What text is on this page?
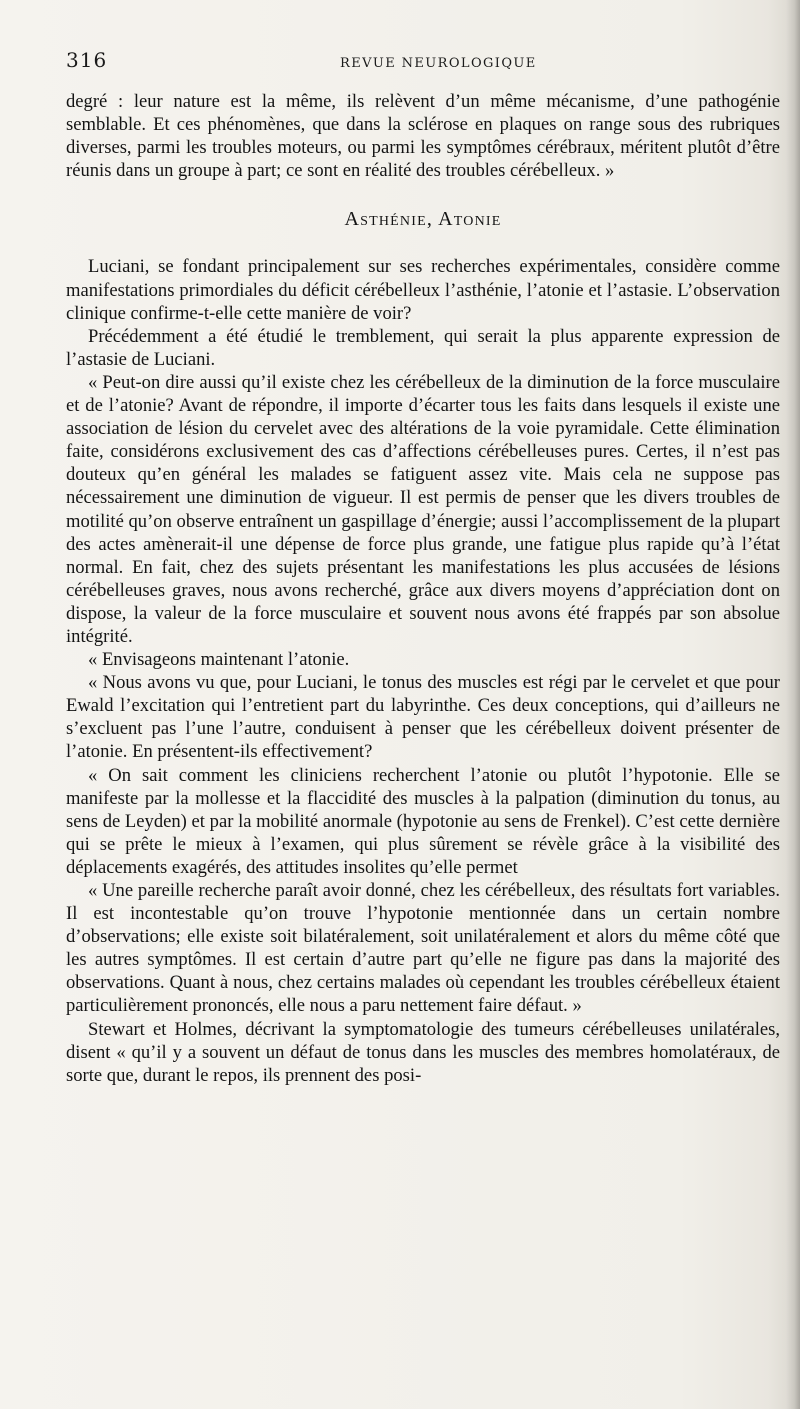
316	REVUE NEUROLOGIQUE

degré : leur nature est la même, ils relèvent d’un même mécanisme, d’une pathogénie semblable. Et ces phénomènes, que dans la sclérose en plaques on range sous des rubriques diverses, parmi les troubles moteurs, ou parmi les symptômes cérébraux, méritent plutôt d’être réunis dans un groupe à part; ce sont en réalité des troubles cérébelleux. »

Asthénie, Atonie

Luciani, se fondant principalement sur ses recherches expérimentales, considère comme manifestations primordiales du déficit cérébelleux l’asthénie, l’atonie et l’astasie. L’observation clinique confirme-t-elle cette manière de voir?

Précédemment a été étudié le tremblement, qui serait la plus apparente expression de l’astasie de Luciani.

« Peut-on dire aussi qu’il existe chez les cérébelleux de la diminution de la force musculaire et de l’atonie? Avant de répondre, il importe d’écarter tous les faits dans lesquels il existe une association de lésion du cervelet avec des altérations de la voie pyramidale. Cette élimination faite, considérons exclusivement des cas d’affections cérébelleuses pures. Certes, il n’est pas douteux qu’en général les malades se fatiguent assez vite. Mais cela ne suppose pas nécessairement une diminution de vigueur. Il est permis de penser que les divers troubles de motilité qu’on observe entraînent un gaspillage d’énergie; aussi l’accomplissement de la plupart des actes amènerait-il une dépense de force plus grande, une fatigue plus rapide qu’à l’état normal. En fait, chez des sujets présentant les manifestations les plus accusées de lésions cérébelleuses graves, nous avons recherché, grâce aux divers moyens d’appréciation dont on dispose, la valeur de la force musculaire et souvent nous avons été frappés par son absolue intégrité.

« Envisageons maintenant l’atonie.

« Nous avons vu que, pour Luciani, le tonus des muscles est régi par le cervelet et que pour Ewald l’excitation qui l’entretient part du labyrinthe. Ces deux conceptions, qui d’ailleurs ne s’excluent pas l’une l’autre, conduisent à penser que les cérébelleux doivent présenter de l’atonie. En présentent-ils effectivement?

« On sait comment les cliniciens recherchent l’atonie ou plutôt l’hypotonie. Elle se manifeste par la mollesse et la flaccidité des muscles à la palpation (diminution du tonus, au sens de Leyden) et par la mobilité anormale (hypotonie au sens de Frenkel). C’est cette dernière qui se prête le mieux à l’examen, qui plus sûrement se révèle grâce à la visibilité des déplacements exagérés, des attitudes insolites qu’elle permet

« Une pareille recherche paraît avoir donné, chez les cérébelleux, des résultats fort variables. Il est incontestable qu’on trouve l’hypotonie mentionnée dans un certain nombre d’observations; elle existe soit bilatéralement, soit unilatéralement et alors du même côté que les autres symptômes. Il est certain d’autre part qu’elle ne figure pas dans la majorité des observations. Quant à nous, chez certains malades où cependant les troubles cérébelleux étaient particulièrement prononcés, elle nous a paru nettement faire défaut. »

Stewart et Holmes, décrivant la symptomatologie des tumeurs cérébelleuses unilatérales, disent « qu’il y a souvent un défaut de tonus dans les muscles des membres homolatéraux, de sorte que, durant le repos, ils prennent des posi-
